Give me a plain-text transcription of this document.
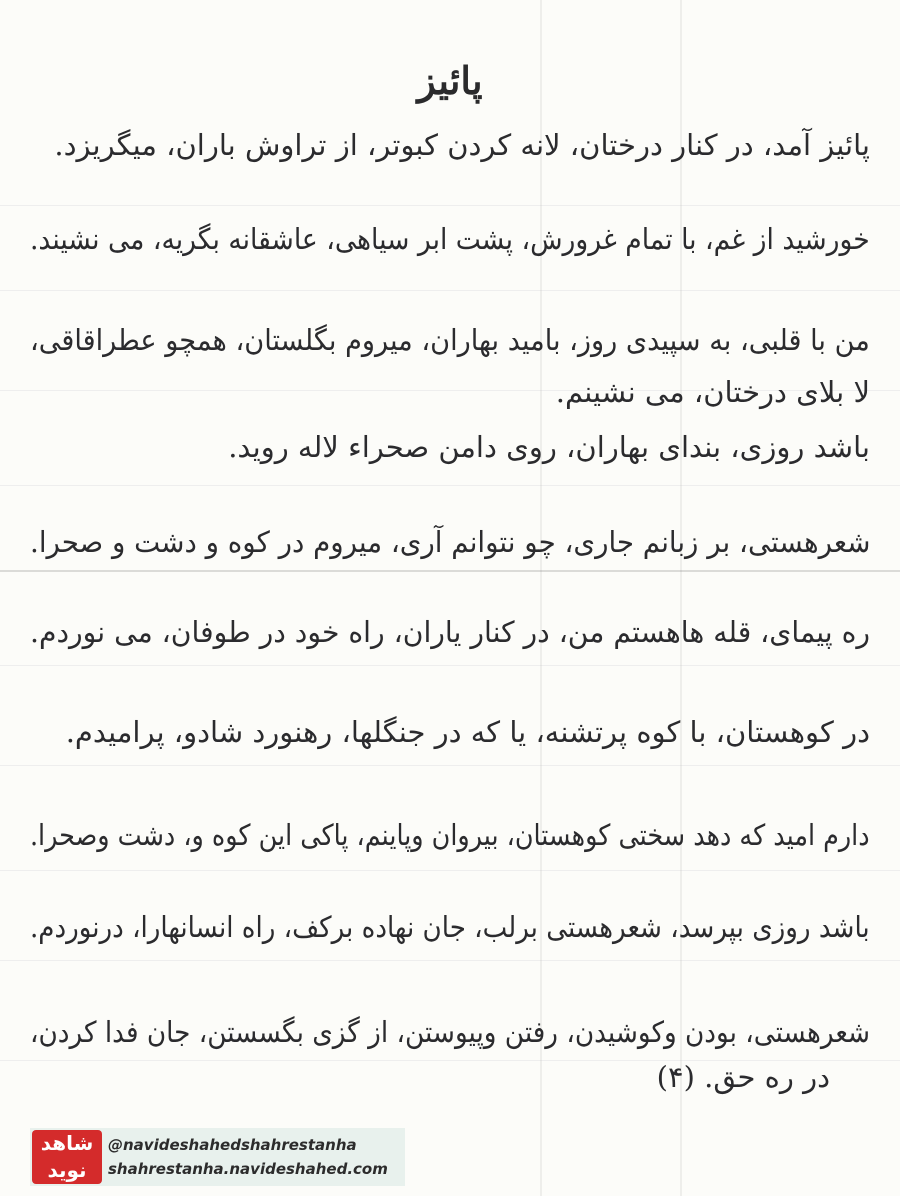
پائیز
پائیز آمد، در کنار درختان، لانه کردن کبوتر، از تراوش باران، میگریزد.
خورشید از غم، با تمام غرورش، پشت ابر سیاهی، عاشقانه بگریه، می نشیند.
من با قلبی، به سپیدی روز، بامید بهاران، میروم بگلستان، همچو عطراقاقی،
لا بلای درختان، می نشینم.
باشد روزی، بندای بهاران، روی دامن صحراء لاله روید.
شعرهستی، بر زبانم جاری، چو نتوانم آری، میروم در کوه و دشت و صحرا.
ره پیمای، قله هاهستم من، در کنار یاران، راه خود در طوفان، می نوردم.
در کوهستان، با کوه پرتشنه، یا که در جنگلها، رهنورد شادو، پرامیدم.
دارم امید که دهد سختی کوهستان، بیروان وپاینم، پاکی این کوه و، دشت وصحرا.
باشد روزی بپرسد، شعرهستی برلب، جان نهاده برکف، راه انسانهارا، درنوردم.
شعرهستی، بودن وکوشیدن، رفتن وپیوستن، از گزی بگسستن، جان فدا کردن،
در ره حق. (۴)
شاهد نوید
@navideshahedshahrestanha
shahrestanha.navideshahed.com
